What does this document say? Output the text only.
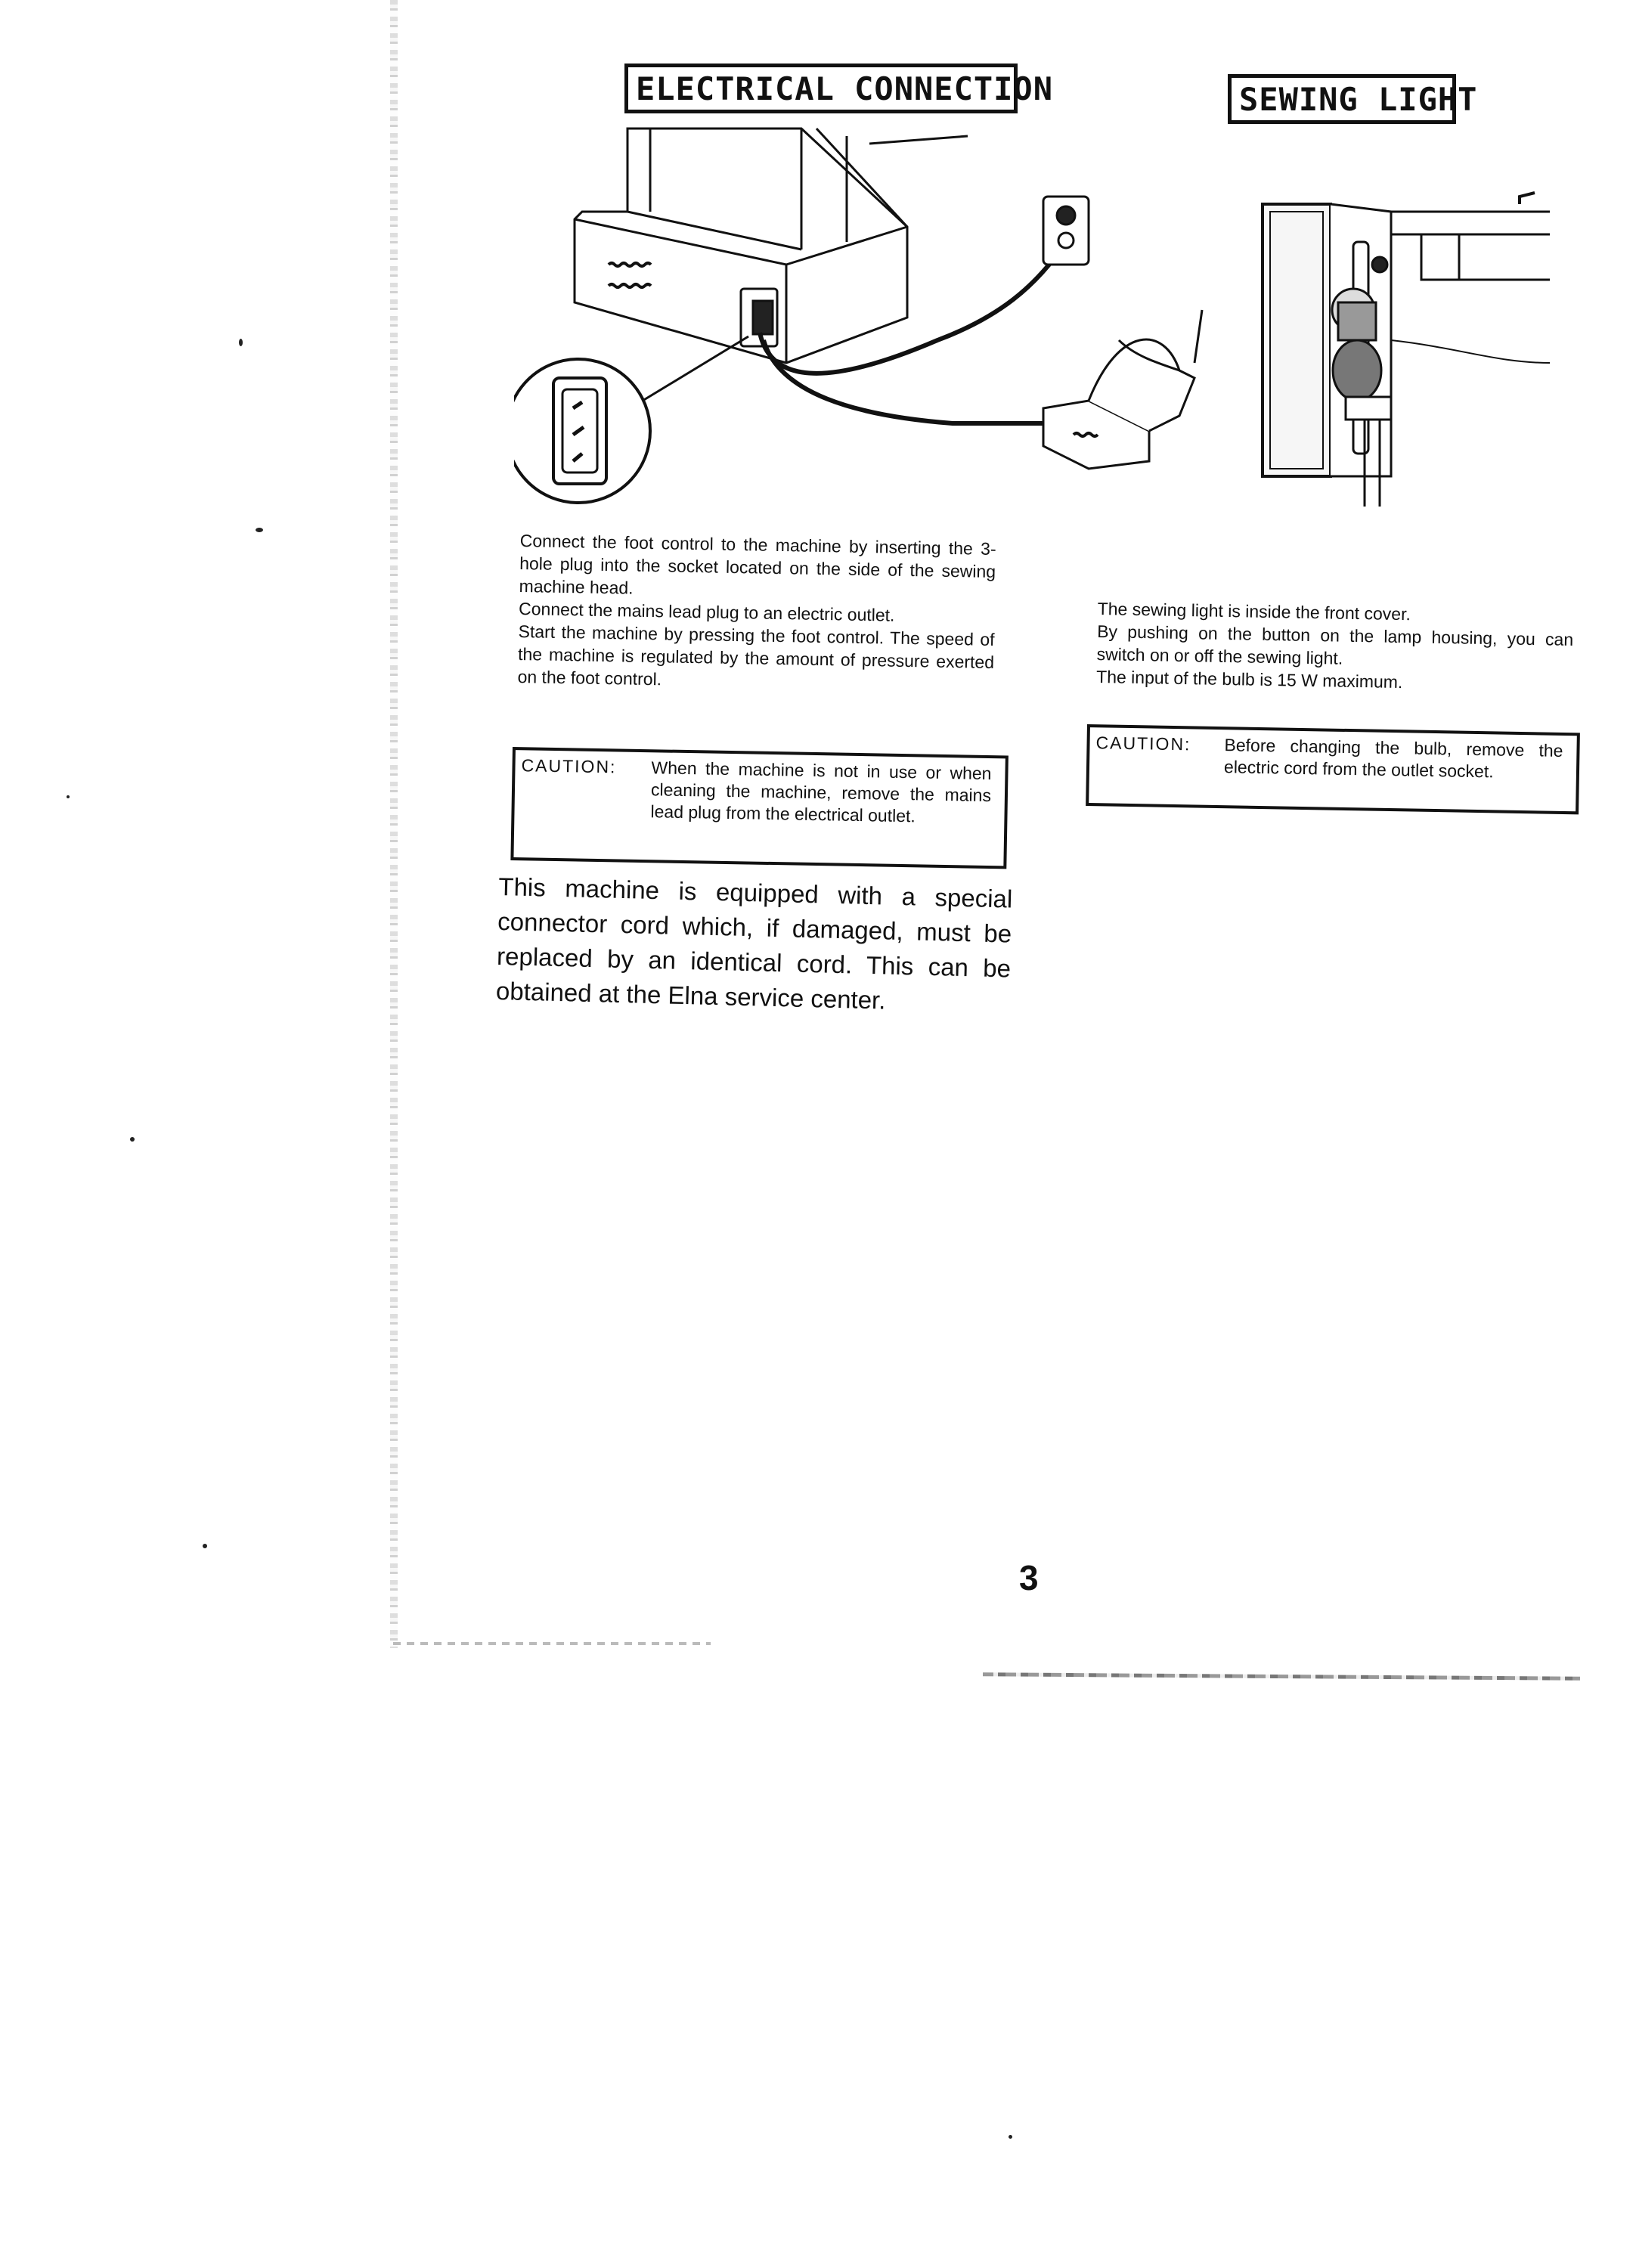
ELECTRICAL CONNECTION	SEWING LIGHT

Connect the foot control to the machine by inserting the 3-hole plug into the socket located on the side of the sewing machine head.

Connect the mains lead plug to an electric outlet.

Start the machine by pressing the foot control. The speed of the machine is regulated by the amount of pressure exerted on the foot control.

CAUTION: When the machine is not in use or when cleaning the machine, remove the mains lead plug from the electrical outlet.
This machine is equipped with a special connector cord which, if damaged, must be replaced by an identical cord. This can be obtained at the Elna service center.

The sewing light is inside the front cover.

By pushing on the button on the lamp housing, you can switch on or off the sewing light.

The input of the bulb is 15 W maximum.

CAUTION: Before changing the bulb, remove the electric cord from the outlet socket.
3
